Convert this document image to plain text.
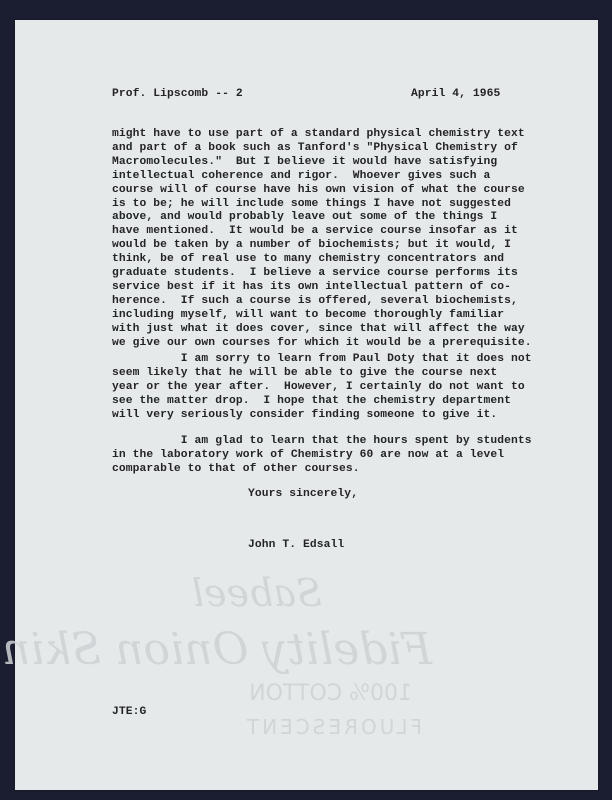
Sabeel
Fidelity Onion Skin
100% COTTON
FLUORESCENT
Prof. Lipscomb -- 2	April 4, 1965
might have to use part of a standard physical chemistry text
and part of a book such as Tanford's "Physical Chemistry of
Macromolecules."  But I believe it would have satisfying
intellectual coherence and rigor.  Whoever gives such a
course will of course have his own vision of what the course
is to be; he will include some things I have not suggested
above, and would probably leave out some of the things I
have mentioned.  It would be a service course insofar as it
would be taken by a number of biochemists; but it would, I
think, be of real use to many chemistry concentrators and
graduate students.  I believe a service course performs its
service best if it has its own intellectual pattern of co-
herence.  If such a course is offered, several biochemists,
including myself, will want to become thoroughly familiar
with just what it does cover, since that will affect the way
we give our own courses for which it would be a prerequisite.
I am sorry to learn from Paul Doty that it does not
seem likely that he will be able to give the course next
year or the year after.  However, I certainly do not want to
see the matter drop.  I hope that the chemistry department
will very seriously consider finding someone to give it.
I am glad to learn that the hours spent by students
in the laboratory work of Chemistry 60 are now at a level
comparable to that of other courses.
Yours sincerely,
John T. Edsall
JTE:G
